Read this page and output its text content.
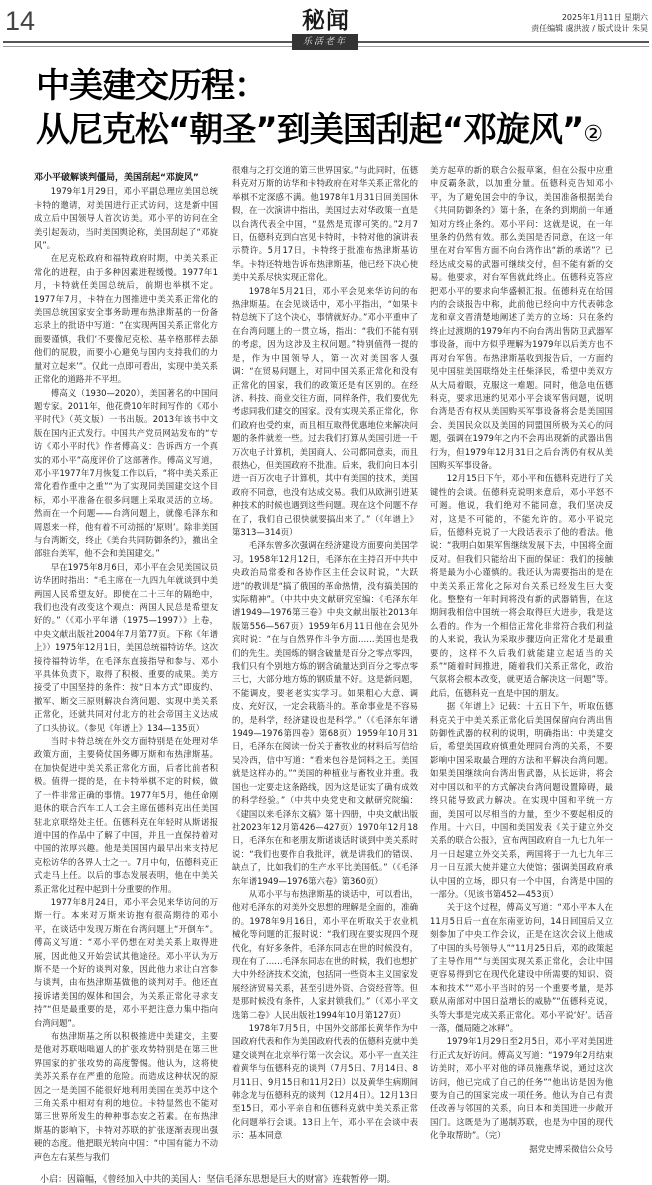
14	秘闻
乐活老年
2025年1月11日 星期六
责任编辑 虞洪波 / 版式设计 朱昊
中美建交历程：
从尼克松“朝圣”到美国刮起“邓旋风”②
邓小平破解谈判僵局，美国刮起“邓旋风”

1979年1月29日，邓小平副总理应美国总统卡特的邀请，对美国进行正式访问，这是新中国成立后中国领导人首次访美。邓小平的访问在全美引起轰动，当时美国舆论称，美国刮起了“邓旋风”。

在尼克松政府和福特政府时期，中美关系正常化的进程，由于多种因素进程缓慢。1977年1月，卡特就任美国总统后，前期也举棋不定。1977年7月，卡特在力图推进中美关系正常化的美国总统国家安全事务助理布热津斯基的一份备忘录上的批语中写道：“在实现两国关系正常化方面要谨慎，我们‘不要像尼克松、基辛格那样去舔他们的屁股，而要小心避免与国内支持我们的力量对立起来’”。仅此一点即可看出，实现中美关系正常化的道路并不平坦。

傅高义（1930—2020），美国著名的中国问题专家。2011年，他花费10年时间写作的《邓小平时代》（英文版）一书出版。2013年该书中文版在国内正式发行。中国共产党员网站发布的“专访《邓小平时代》作者傅高义：告诉西方一个真实的邓小平”高度评价了这部著作。傅高义写道，邓小平1977年7月恢复工作以后，“将中美关系正常化看作重中之重”“为了实现同美国建交这个目标，邓小平准备在很多问题上采取灵活的立场。然而在一个问题——台湾问题上，就像毛泽东和周恩来一样，他有着不可动摇的‘原则’。除非美国与台湾断交，终止《美台共同防御条约》，撤出全部驻台美军，他不会和美国建交。”

早在1975年8月6日，邓小平在会见美国议员访华团时指出：“毛主席在一九四九年就谈到中美两国人民希望友好。即使在二十三年的隔绝中，我们也没有改变这个观点：两国人民总是希望友好的。”（《邓小平年谱（1975—1997）》上卷，中央文献出版社2004年7月第77页。下称《年谱上》）1975年12月1日，美国总统福特访华。这次接待福特访华，在毛泽东直接指导和参与、邓小平具体负责下，取得了积极、重要的成果。美方接受了中国坚持的条件：按“日本方式”即废约、撤军、断交三原则解决台湾问题、实现中美关系正常化，还就共同对付北方的社会帝国主义达成了口头协议。（参见《年谱上》134—135页）

当时卡特总统在外交方面特别是在处理对华政策方面，主要倚仗国务卿万斯和布热津斯基。在加快促进中美关系正常化方面，后者比前者积极。值得一提的是，在卡特举棋不定的时候，做了一件非常正确的事情。1977年5月，他任命刚退休的联合汽车工人工会主席伍德科克出任美国驻北京联络处主任。伍德科克在年轻时从斯诺报道中国的作品中了解了中国，并且一直保持着对中国的浓厚兴趣。他是美国国内最早出来支持尼克松访华的各界人士之一。7月中旬，伍德科克正式走马上任。以后的事态发展表明，他在中美关系正常化过程中起到十分重要的作用。

1977年8月24日，邓小平会见来华访问的万斯一行。本来对万斯来访抱有很高期待的邓小平，在谈话中发现万斯在台湾问题上“开倒车”。傅高义写道：“邓小平仍想在对美关系上取得进展，因此他又开始尝试其他途径。邓小平认为万斯不是一个好的谈判对象，因此他力求让白宫参与谈判，由布热津斯基做他的谈判对手。他还直接诉诸美国的媒体和国会，为关系正常化寻求支持”“但是最重要的是，邓小平把注意力集中指向台湾问题”。

布热津斯基之所以积极推进中美建交，主要是他对苏联咄咄逼人的扩张攻势特别是在第三世界国家的扩张攻势的高度警惕。他认为，这将使美苏关系存在严重的危险。而造成这种状况的原因之一是美国不能很好地利用美国在美苏中这个三角关系中相对有利的地位。卡特显然也不能对第三世界所发生的种种事态安之若素。在布热津斯基的影响下，卡特对苏联的扩张逐渐表现出强硬的态度。他把眼光转向中国：“中国有能力不动声色左右某些与我们

很难与之打交道的第三世界国家。”与此同时，伍德科克对万斯的访华和卡特政府在对华关系正常化的举棋不定深感不满。他1978年1月31日回美国休假，在一次演讲中指出，美国过去对华政策一直是以台湾代表全中国，“显然是荒谬可笑的。”2月7日，伍德科克到白宫见卡特时，卡特对他的演讲表示赞许。5月17日，卡特终于批准布热津斯基访华。卡特还特地告诉布热津斯基，他已经下决心使美中关系尽快实现正常化。

1978年5月21日，邓小平会见来华访问的布热津斯基。在会见谈话中，邓小平指出，“如果卡特总统下了这个决心，事情就好办。”邓小平重申了在台湾问题上的一贯立场，指出：“我们不能有别的考虑，因为这涉及主权问题。”特别值得一提的是，作为中国领导人，第一次对美国客人强调：“在贸易问题上，对同中国关系正常化和没有正常化的国家，我们的政策还是有区别的。在经济、科技、商业交往方面，同样条件，我们要优先考虑同我们建交的国家。没有实现关系正常化，你们政府也受约束，而且相互取得优惠地位来解决问题的条件就差一些。过去我们打算从美国引进一千万次电子计算机，美国商人、公司都同意卖，而且很热心，但美国政府不批准。后来，我们向日本引进一百万次电子计算机，其中有美国的技术，美国政府不同意，也没有达成交易。我们从欧洲引进某种技术的时候也遇到这些问题。现在这个问题不存在了，我们自己很快就要搞出来了。”（《年谱上》第313—314页）

毛泽东曾多次强调在经济建设方面要向美国学习。1958年12月12日，毛泽东在主持召开中共中央政治局常委和各协作区主任会议时说，“大跃进”的教训是“搞了俄国的革命热情，没有搞美国的实际精神”。（中共中央文献研究室编：《毛泽东年谱1949—1976第三卷》中央文献出版社2013年版第556—567页）1959年6月11日他在会见外宾时说：“在与自然界作斗争方面……美国也是我们的先生。美国炼的钢含硫量是百分之零点零四，我们只有个别地方炼的钢含硫量达到百分之零点零三七，大部分地方炼的钢质量不好。这是新问题，不能调皮，要老老实实学习。如果粗心大意、调皮、充好汉，一定会栽筋斗的。革命事业是不容易的，是科学，经济建设也是科学。”（《毛泽东年谱1949—1976第四卷》第68页）1959年10月31日，毛泽东在阅读一份关于畜牧业的材料后写信给吴冷西，信中写道：“看来包谷是饲料之王。美国就是这样办的。”“美国的种植业与畜牧业并重。我国也一定要走这条路线，因为这是证实了确有成效的科学经验。”（中共中央党史和文献研究院编：《建国以来毛泽东文稿》第十四册，中央文献出版社2023年12月第426—427页）1970年12月18日，毛泽东在和老朋友斯诺谈话时谈到中美关系时说：“我们也要作自我批评，就是讲我们的错误、缺点了，比如我们的生产水平比美国低。”（《毛泽东年谱1949—1976第六卷》第360页）

从邓小平与布热津斯基的谈话中，可以看出，他对毛泽东的对美外交思想的理解是全面的，准确的。1978年9月16日，邓小平在听取关于农业机械化等问题的汇报时说：“我们现在要实现四个现代化，有好多条件，毛泽东同志在世的时候没有，现在有了……毛泽东同志在世的时候，我们也想扩大中外经济技术交流，包括同一些资本主义国家发展经济贸易关系，甚至引进外资、合资经营等。但是那时候没有条件，人家封锁我们。”（《邓小平文选第二卷》人民出版社1994年10月第127页）

1978年7月5日，中国外交部部长黄华作为中国政府代表和作为美国政府代表的伍德科克就中美建交谈判在北京举行第一次会议。邓小平一直关注着黄华与伍德科克的谈判（7月5日、7月14日、8月11日、9月15日和11月2日）以及黄华生病期间韩念龙与伍德科克的谈判（12月4日）。12月13日至15日，邓小平亲自和伍德科克就中美关系正常化问题举行会谈。13日上午，邓小平在会谈中表示：基本同意

美方起草的新的联合公报草案，但在公报中应重申反霸条款，以加重分量。伍德科克告知邓小平，为了避免国会中的争议，美国准备根据美台《共同防御条约》第十条，在条约到期前一年通知对方终止条约。邓小平问：这就是说，在一年里条约仍然有效。那么美国是否同意，在这一年里在对台军售方面不向台湾作出“新的承诺”？已经达成交易的武器可继续交付，但不能有新的交易。他要求，对台军售就此终止。伍德科克答应把邓小平的要求向华盛顿汇报。伍德科克在给国内的会谈报告中称，此前他已经向中方代表韩念龙和章文晋清楚地阐述了美方的立场：只在条约终止过渡期的1979年内不向台湾出售防卫武器军事设备，而中方似乎理解为1979年以后美方也不再对台军售。布热津斯基收到报告后，一方面约见中国驻美国联络处主任柴泽民，希望中美双方从大局着眼，克服这一难题。同时，他急电伍德科克，要求迅速约见邓小平会谈军售问题，说明台湾是否有权从美国购买军事设备将会是美国国会、美国民众以及美国的同盟国所极为关心的问题，强调在1979年之内不会再出现新的武器出售行为，但1979年12月31日之后台湾仍有权从美国购买军事设备。

12月15日下午，邓小平和伍德科克进行了关键性的会谈。伍德科克说明来意后，邓小平怒不可遏。他说，我们绝对不能同意，我们坚决反对，这是不可能的，不能允许的。邓小平说完后，伍德科克说了一大段话表示了他的看法。他说：“我明白如果军售继续发展下去，中国将全面反对。但我们只能给出下面的保证：我们的接触将是最为小心谨慎的。我还认为需要指出的是在中美关系正常化之际对台关系已经发生巨大变化。整整有一年时间将没有新的武器销售，在这期间我相信中国统一将会取得巨大进步，我是这么看的。作为一个相信正常化非常符合我们利益的人来说，我认为采取步骤迈向正常化才是最重要的，这样不久后我们就能建立起适当的关系”“随着时间推进，随着我们关系正常化，政治气氛将会根本改变，就更适合解决这一问题”等。此后，伍德科克一直是中国的朋友。

据《年谱上》记载：十五日下午，听取伍德科克关于中美关系正常化后美国保留向台湾出售防御性武器的权利的说明，明确指出：中美建交后，希望美国政府慎重处理同台湾的关系，不要影响中国采取最合理的方法和平解决台湾问题。如果美国继续向台湾出售武器，从长远讲，将会对中国以和平的方式解决台湾问题设置障碍，最终只能导致武力解决。在实现中国和平统一方面，美国可以尽相当的力量，至少不要起相反的作用。十六日，中国和美国发表《关于建立外交关系的联合公报》，宣布两国政府自一九七九年一月一日起建立外交关系，两国将于一九七九年三月一日互派大使并建立大使馆；强调美国政府承认中国的立场，即只有一个中国，台湾是中国的一部分。（见该书第452—453页）

关于这个过程，傅高义写道：“邓小平本人在11月5日后一直在东南亚访问，14日回国后又立刻参加了中央工作会议，正是在这次会议上他成了中国的头号领导人”“11月25日后，邓的政策起了主导作用”“与美国实现关系正常化，会让中国更容易得到它在现代化建设中所需要的知识、资本和技术”“邓小平当时的另一个重要考量，是苏联从南部对中国日益增长的威胁”“伍德科克说，头等大事是完成关系正常化。邓小平说‘好’。话音一落，僵局随之冰释”。

1979年1月29日至2月5日，邓小平对美国进行正式友好访问。傅高义写道：“1979年2月结束访美时，邓小平对他的译员施燕华说，通过这次访问，他已完成了自己的任务”“他出访是因为他要为自己的国家完成一项任务。他认为自己有责任改善与邻国的关系，向日本和美国进一步敞开国门。这既是为了遏制苏联，也是为中国的现代化争取帮助”。（完）

据党史博采微信公众号

小启：因篇幅，《曾经加入中共的美国人：坚信毛泽东思想是巨大的财富》连载暂停一期。
